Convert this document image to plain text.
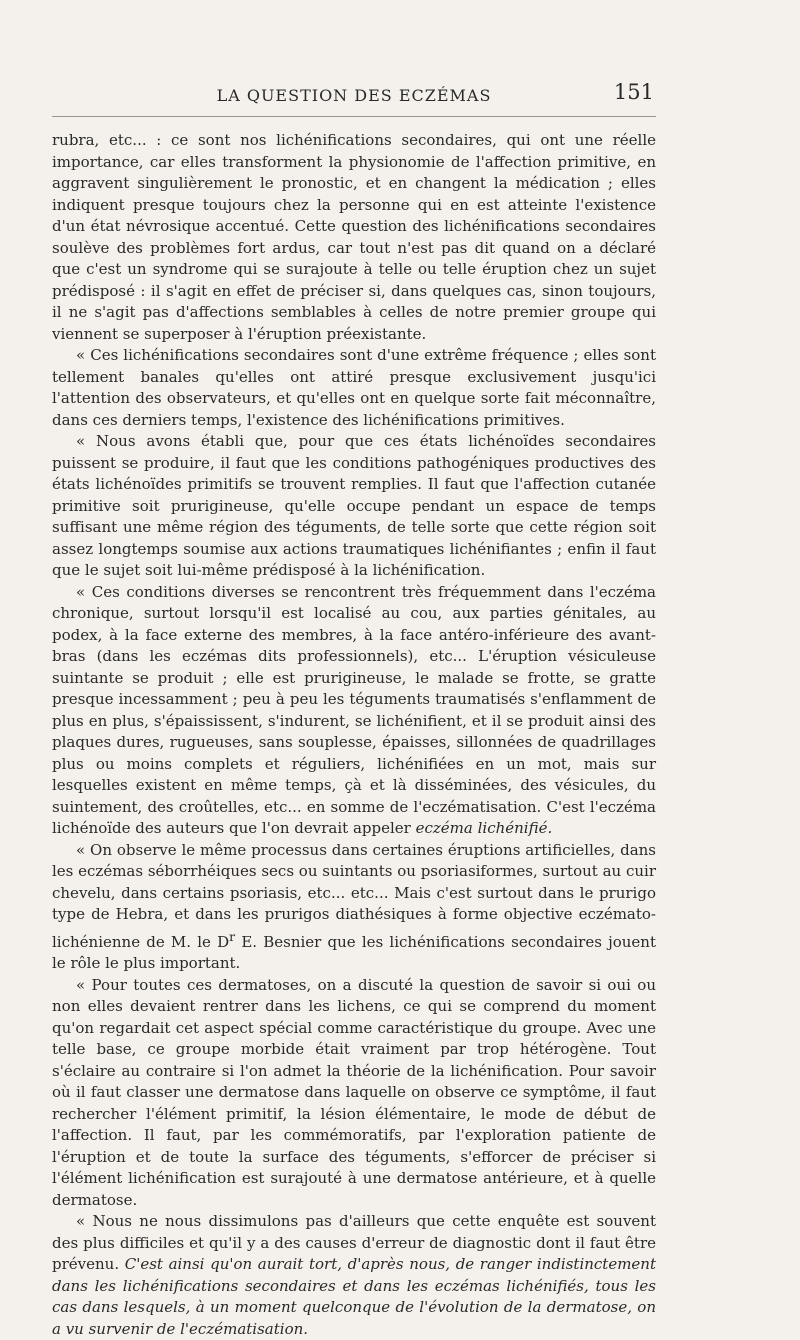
LA QUESTION DES ECZÉMAS	151

rubra, etc... : ce sont nos lichénifications secondaires, qui ont une réelle importance, car elles transforment la physionomie de l'affection primitive, en aggravent singulièrement le pronostic, et en changent la médication ; elles indiquent presque toujours chez la personne qui en est atteinte l'existence d'un état névrosique accentué. Cette question des lichénifications secondaires soulève des problèmes fort ardus, car tout n'est pas dit quand on a déclaré que c'est un syndrome qui se surajoute à telle ou telle éruption chez un sujet prédisposé : il s'agit en effet de préciser si, dans quelques cas, sinon toujours, il ne s'agit pas d'affections semblables à celles de notre premier groupe qui viennent se superposer à l'éruption préexistante.

« Ces lichénifications secondaires sont d'une extrême fréquence ; elles sont tellement banales qu'elles ont attiré presque exclusivement jusqu'ici l'attention des observateurs, et qu'elles ont en quelque sorte fait méconnaître, dans ces derniers temps, l'existence des lichénifications primitives.

« Nous avons établi que, pour que ces états lichénoïdes secondaires puissent se produire, il faut que les conditions pathogéniques productives des états lichénoïdes primitifs se trouvent remplies. Il faut que l'affection cutanée primitive soit prurigineuse, qu'elle occupe pendant un espace de temps suffisant une même région des téguments, de telle sorte que cette région soit assez longtemps soumise aux actions traumatiques lichénifiantes ; enfin il faut que le sujet soit lui-même prédisposé à la lichénification.

« Ces conditions diverses se rencontrent très fréquemment dans l'eczéma chronique, surtout lorsqu'il est localisé au cou, aux parties génitales, au podex, à la face externe des membres, à la face antéro-inférieure des avant-bras (dans les eczémas dits professionnels), etc... L'éruption vésiculeuse suintante se produit ; elle est prurigineuse, le malade se frotte, se gratte presque incessamment ; peu à peu les téguments traumatisés s'enflamment de plus en plus, s'épaississent, s'indurent, se lichénifient, et il se produit ainsi des plaques dures, rugueuses, sans souplesse, épaisses, sillonnées de quadrillages plus ou moins complets et réguliers, lichénifiées en un mot, mais sur lesquelles existent en même temps, çà et là disséminées, des vésicules, du suintement, des croûtelles, etc... en somme de l'eczématisation. C'est l'eczéma lichénoïde des auteurs que l'on devrait appeler eczéma lichénifié.

« On observe le même processus dans certaines éruptions artificielles, dans les eczémas séborrhéiques secs ou suintants ou psoriasiformes, surtout au cuir chevelu, dans certains psoriasis, etc... etc... Mais c'est surtout dans le prurigo type de Hebra, et dans les prurigos diathésiques à forme objective eczémato-lichénienne de M. le $D^r$ E. Besnier que les lichénifications secondaires jouent le rôle le plus important.

« Pour toutes ces dermatoses, on a discuté la question de savoir si oui ou non elles devaient rentrer dans les lichens, ce qui se comprend du moment qu'on regardait cet aspect spécial comme caractéristique du groupe. Avec une telle base, ce groupe morbide était vraiment par trop hétérogène. Tout s'éclaire au contraire si l'on admet la théorie de la lichénification. Pour savoir où il faut classer une dermatose dans laquelle on observe ce symptôme, il faut rechercher l'élément primitif, la lésion élémentaire, le mode de début de l'affection. Il faut, par les commémoratifs, par l'exploration patiente de l'éruption et de toute la surface des téguments, s'efforcer de préciser si l'élément lichénification est surajouté à une dermatose antérieure, et à quelle dermatose.

« Nous ne nous dissimulons pas d'ailleurs que cette enquête est souvent des plus difficiles et qu'il y a des causes d'erreur de diagnostic dont il faut être prévenu. C'est ainsi qu'on aurait tort, d'après nous, de ranger indistinctement dans les lichénifications secondaires et dans les eczémas lichénifiés, tous les cas dans lesquels, à un moment quelconque de l'évolution de la dermatose, on a vu survenir de l'eczématisation.
